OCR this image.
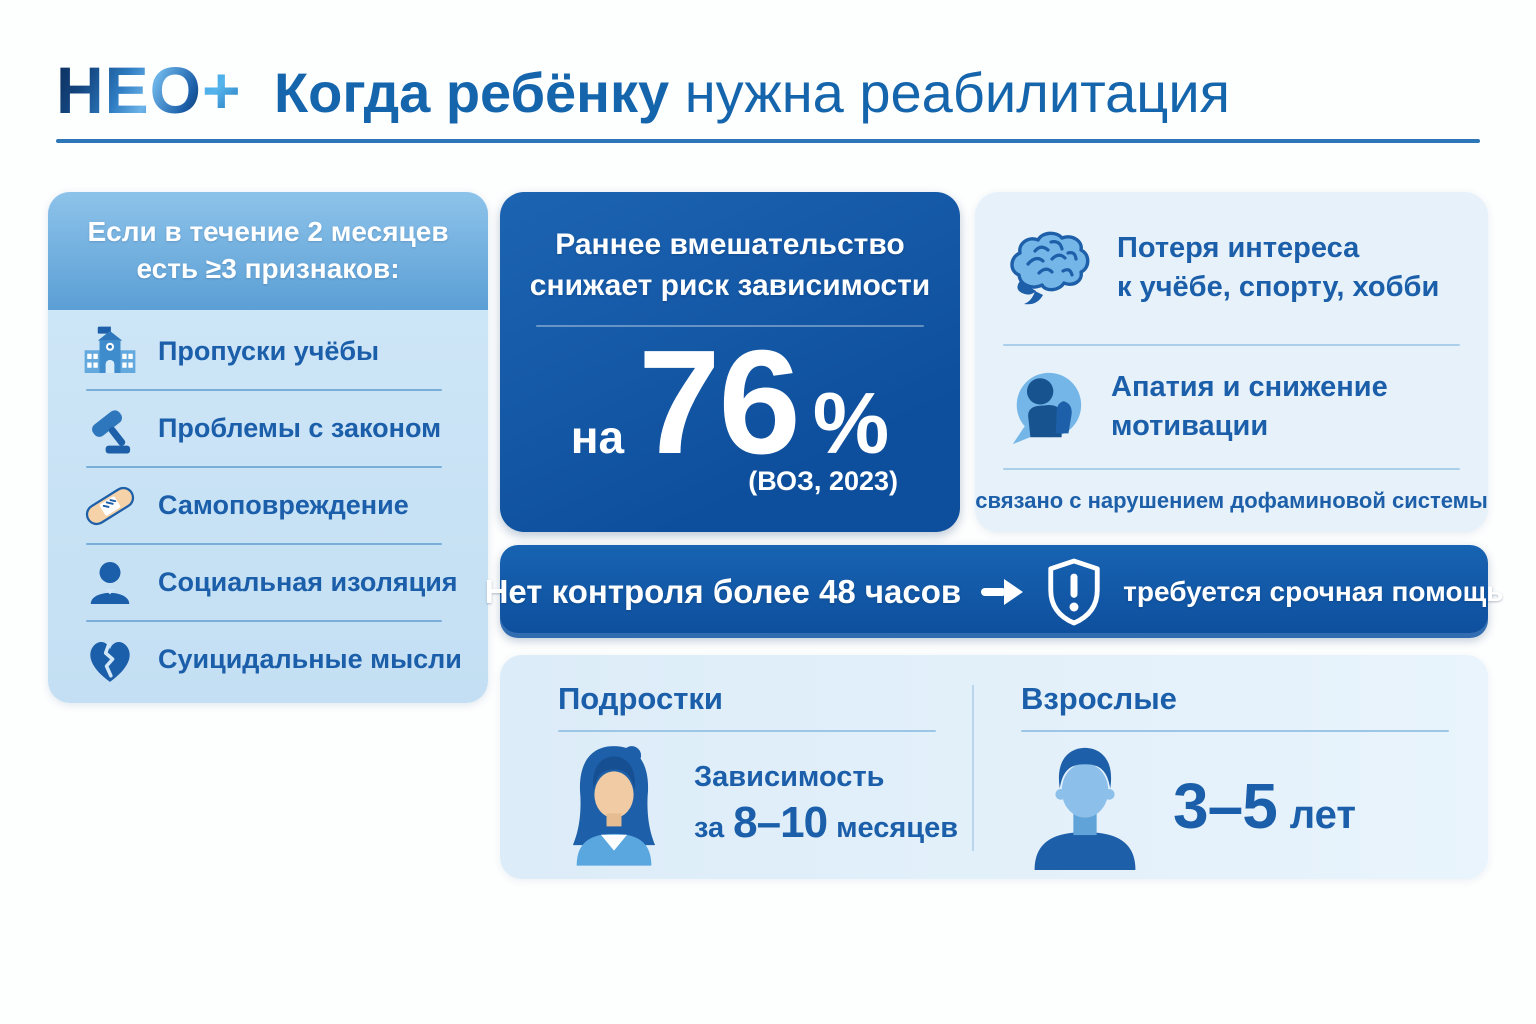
НЕО+ Когда ребёнку нужна реабилитация
Если в течение 2 месяцев
есть ≥3 признаков:
Пропуски учёбы
Проблемы с законом
Самоповреждение
Социальная изоляция
Суицидальные мысли
Раннее вмешательство
снижает риск зависимости
на 76 %
(ВОЗ, 2023)
Потеря интереса
к учёбе, спорту, хобби
Апатия и снижение
мотивации
связано с нарушением дофаминовой системы
Нет контроля более 48 часов	требуется срочная помощь
Подростки
Зависимость
за 8–10 месяцев
Взрослые
3–5 лет
